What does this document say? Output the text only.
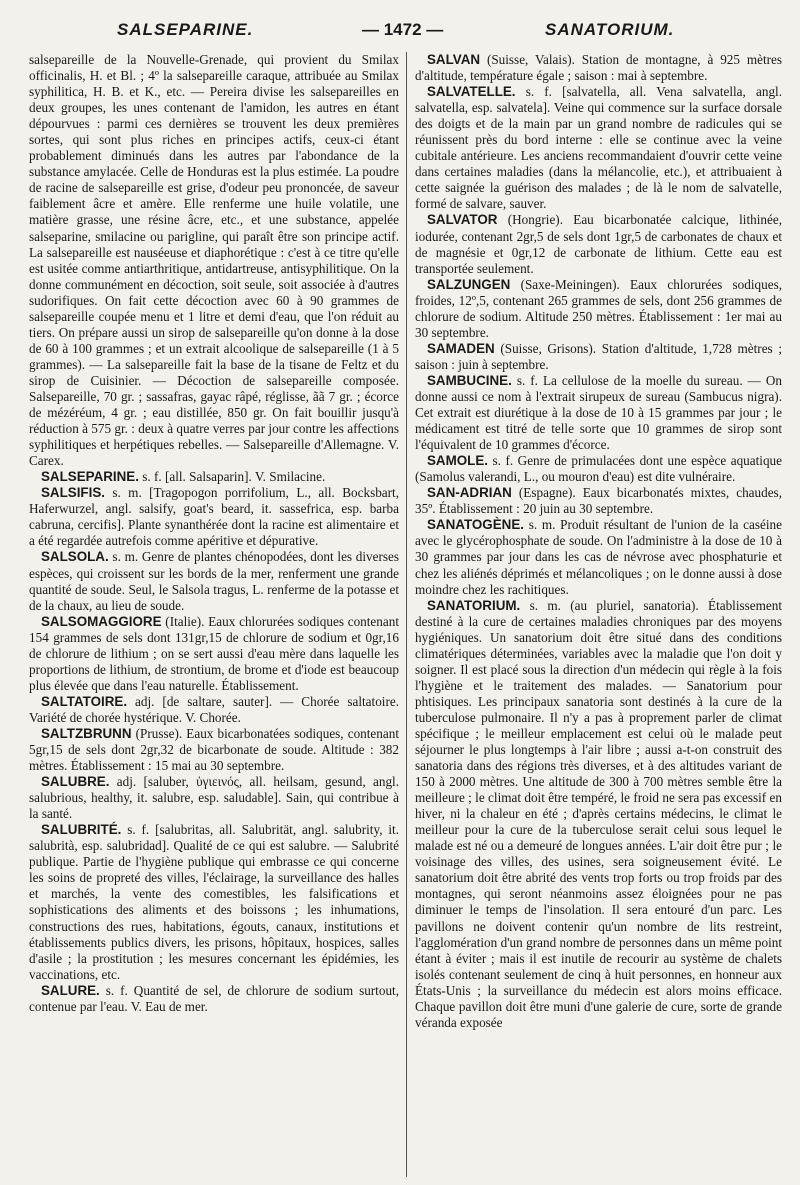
SALSEPARINE.	— 1472 —	SANATORIUM.

salsepareille de la Nouvelle-Grenade, qui provient du Smilax officinalis, H. et Bl. ; 4º la salsepareille caraque, attribuée au Smilax syphilitica, H. B. et K., etc. — Pereira divise les salsepareilles en deux groupes, les unes contenant de l'amidon, les autres en étant dépourvues : parmi ces dernières se trouvent les deux premières sortes, qui sont plus riches en principes actifs, ceux-ci étant probablement diminués dans les autres par l'abondance de la substance amylacée. Celle de Honduras est la plus estimée. La poudre de racine de salsepareille est grise, d'odeur peu prononcée, de saveur faiblement âcre et amère. Elle renferme une huile volatile, une matière grasse, une résine âcre, etc., et une substance, appelée salseparine, smilacine ou parigline, qui paraît être son principe actif. La salsepareille est nauséeuse et diaphorétique : c'est à ce titre qu'elle est usitée comme antiarthritique, antidartreuse, antisyphilitique. On la donne communément en décoction, soit seule, soit associée à d'autres sudorifiques. On fait cette décoction avec 60 à 90 grammes de salsepareille coupée menu et 1 litre et demi d'eau, que l'on réduit au tiers. On prépare aussi un sirop de salsepareille qu'on donne à la dose de 60 à 100 grammes ; et un extrait alcoolique de salsepareille (1 à 5 grammes). — La salsepareille fait la base de la tisane de Feltz et du sirop de Cuisinier. — Décoction de salsepareille composée. Salsepareille, 70 gr. ; sassafras, gayac râpé, réglisse, ãã 7 gr. ; écorce de mézéréum, 4 gr. ; eau distillée, 850 gr. On fait bouillir jusqu'à réduction à 575 gr. : deux à quatre verres par jour contre les affections syphilitiques et herpétiques rebelles. — Salsepareille d'Allemagne. V. Carex.

SALSEPARINE. s. f. [all. Salsaparin]. V. Smilacine.

SALSIFIS. s. m. [Tragopogon porrifolium, L., all. Bocksbart, Haferwurzel, angl. salsify, goat's beard, it. sassefrica, esp. barba cabruna, cercifis]. Plante synanthérée dont la racine est alimentaire et a été regardée autrefois comme apéritive et dépurative.

SALSOLA. s. m. Genre de plantes chénopodées, dont les diverses espèces, qui croissent sur les bords de la mer, renferment une grande quantité de soude. Seul, le Salsola tragus, L. renferme de la potasse et de la chaux, au lieu de soude.

SALSOMAGGIORE (Italie). Eaux chlorurées sodiques contenant 154 grammes de sels dont 131gr,15 de chlorure de sodium et 0gr,16 de chlorure de lithium ; on se sert aussi d'eau mère dans laquelle les proportions de lithium, de strontium, de brome et d'iode est beaucoup plus élevée que dans l'eau naturelle. Établissement.

SALTATOIRE. adj. [de saltare, sauter]. — Chorée saltatoire. Variété de chorée hystérique. V. Chorée.

SALTZBRUNN (Prusse). Eaux bicarbonatées sodiques, contenant 5gr,15 de sels dont 2gr,32 de bicarbonate de soude. Altitude : 382 mètres. Établissement : 15 mai au 30 septembre.

SALUBRE. adj. [saluber, ὑγιεινός, all. heilsam, gesund, angl. salubrious, healthy, it. salubre, esp. saludable]. Sain, qui contribue à la santé.

SALUBRITÉ. s. f. [salubritas, all. Salubrität, angl. salubrity, it. salubrità, esp. salubridad]. Qualité de ce qui est salubre. — Salubrité publique. Partie de l'hygiène publique qui embrasse ce qui concerne les soins de propreté des villes, l'éclairage, la surveillance des halles et marchés, la vente des comestibles, les falsifications et sophistications des aliments et des boissons ; les inhumations, constructions des rues, habitations, égouts, canaux, institutions et établissements publics divers, les prisons, hôpitaux, hospices, salles d'asile ; la prostitution ; les mesures concernant les épidémies, les vaccinations, etc.

SALURE. s. f. Quantité de sel, de chlorure de sodium surtout, contenue par l'eau. V. Eau de mer.

SALVAN (Suisse, Valais). Station de montagne, à 925 mètres d'altitude, température égale ; saison : mai à septembre.

SALVATELLE. s. f. [salvatella, all. Vena salvatella, angl. salvatella, esp. salvatela]. Veine qui commence sur la surface dorsale des doigts et de la main par un grand nombre de radicules qui se réunissent près du bord interne : elle se continue avec la veine cubitale antérieure. Les anciens recommandaient d'ouvrir cette veine dans certaines maladies (dans la mélancolie, etc.), et attribuaient à cette saignée la guérison des malades ; de là le nom de salvatelle, formé de salvare, sauver.

SALVATOR (Hongrie). Eau bicarbonatée calcique, lithinée, iodurée, contenant 2gr,5 de sels dont 1gr,5 de carbonates de chaux et de magnésie et 0gr,12 de carbonate de lithium. Cette eau est transportée seulement.

SALZUNGEN (Saxe-Meiningen). Eaux chlorurées sodiques, froides, 12º,5, contenant 265 grammes de sels, dont 256 grammes de chlorure de sodium. Altitude 250 mètres. Établissement : 1er mai au 30 septembre.

SAMADEN (Suisse, Grisons). Station d'altitude, 1,728 mètres ; saison : juin à septembre.

SAMBUCINE. s. f. La cellulose de la moelle du sureau. — On donne aussi ce nom à l'extrait sirupeux de sureau (Sambucus nigra). Cet extrait est diurétique à la dose de 10 à 15 grammes par jour ; le médicament est titré de telle sorte que 10 grammes de sirop sont l'équivalent de 10 grammes d'écorce.

SAMOLE. s. f. Genre de primulacées dont une espèce aquatique (Samolus valerandi, L., ou mouron d'eau) est dite vulnéraire.

SAN-ADRIAN (Espagne). Eaux bicarbonatés mixtes, chaudes, 35º. Établissement : 20 juin au 30 septembre.

SANATOGÈNE. s. m. Produit résultant de l'union de la caséine avec le glycérophosphate de soude. On l'administre à la dose de 10 à 30 grammes par jour dans les cas de névrose avec phosphaturie et chez les aliénés déprimés et mélancoliques ; on le donne aussi à dose moindre chez les rachitiques.

SANATORIUM. s. m. (au pluriel, sanatoria). Établissement destiné à la cure de certaines maladies chroniques par des moyens hygiéniques. Un sanatorium doit être situé dans des conditions climatériques déterminées, variables avec la maladie que l'on doit y soigner. Il est placé sous la direction d'un médecin qui règle à la fois l'hygiène et le traitement des malades. — Sanatorium pour phtisiques. Les principaux sanatoria sont destinés à la cure de la tuberculose pulmonaire. Il n'y a pas à proprement parler de climat spécifique ; le meilleur emplacement est celui où le malade peut séjourner le plus longtemps à l'air libre ; aussi a-t-on construit des sanatoria dans des régions très diverses, et à des altitudes variant de 150 à 2000 mètres. Une altitude de 300 à 700 mètres semble être la meilleure ; le climat doit être tempéré, le froid ne sera pas excessif en hiver, ni la chaleur en été ; d'après certains médecins, le climat le meilleur pour la cure de la tuberculose serait celui sous lequel le malade est né ou a demeuré de longues années. L'air doit être pur ; le voisinage des villes, des usines, sera soigneusement évité. Le sanatorium doit être abrité des vents trop forts ou trop froids par des montagnes, qui seront néanmoins assez éloignées pour ne pas diminuer le temps de l'insolation. Il sera entouré d'un parc. Les pavillons ne doivent contenir qu'un nombre de lits restreint, l'agglomération d'un grand nombre de personnes dans un même point étant à éviter ; mais il est inutile de recourir au système de chalets isolés contenant seulement de cinq à huit personnes, en honneur aux États-Unis ; la surveillance du médecin est alors moins efficace. Chaque pavillon doit être muni d'une galerie de cure, sorte de grande véranda exposée
